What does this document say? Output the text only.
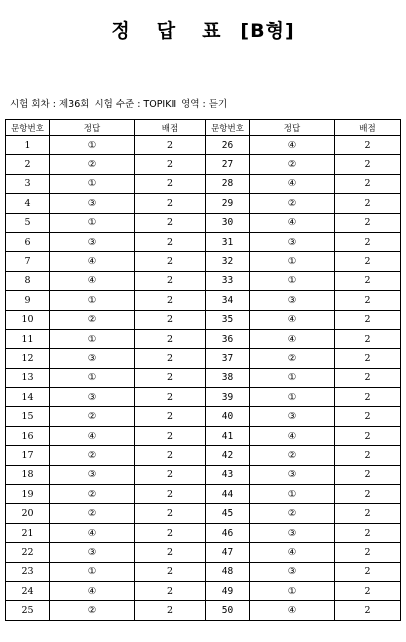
정 답 표 [B형]
시험 회차 : 제36회 시험 수준 : TOPIKⅡ 영역 : 듣기
문항번호	정답	배점	문항번호	정답	배점
1	①	2	26	④	2
2	②	2	27	②	2
3	①	2	28	④	2
4	③	2	29	②	2
5	①	2	30	④	2
6	③	2	31	③	2
7	④	2	32	①	2
8	④	2	33	①	2
9	①	2	34	③	2
10	②	2	35	④	2
11	①	2	36	④	2
12	③	2	37	②	2
13	①	2	38	①	2
14	③	2	39	①	2
15	②	2	40	③	2
16	④	2	41	④	2
17	②	2	42	②	2
18	③	2	43	③	2
19	②	2	44	①	2
20	②	2	45	②	2
21	④	2	46	③	2
22	③	2	47	④	2
23	①	2	48	③	2
24	④	2	49	①	2
25	②	2	50	④	2
